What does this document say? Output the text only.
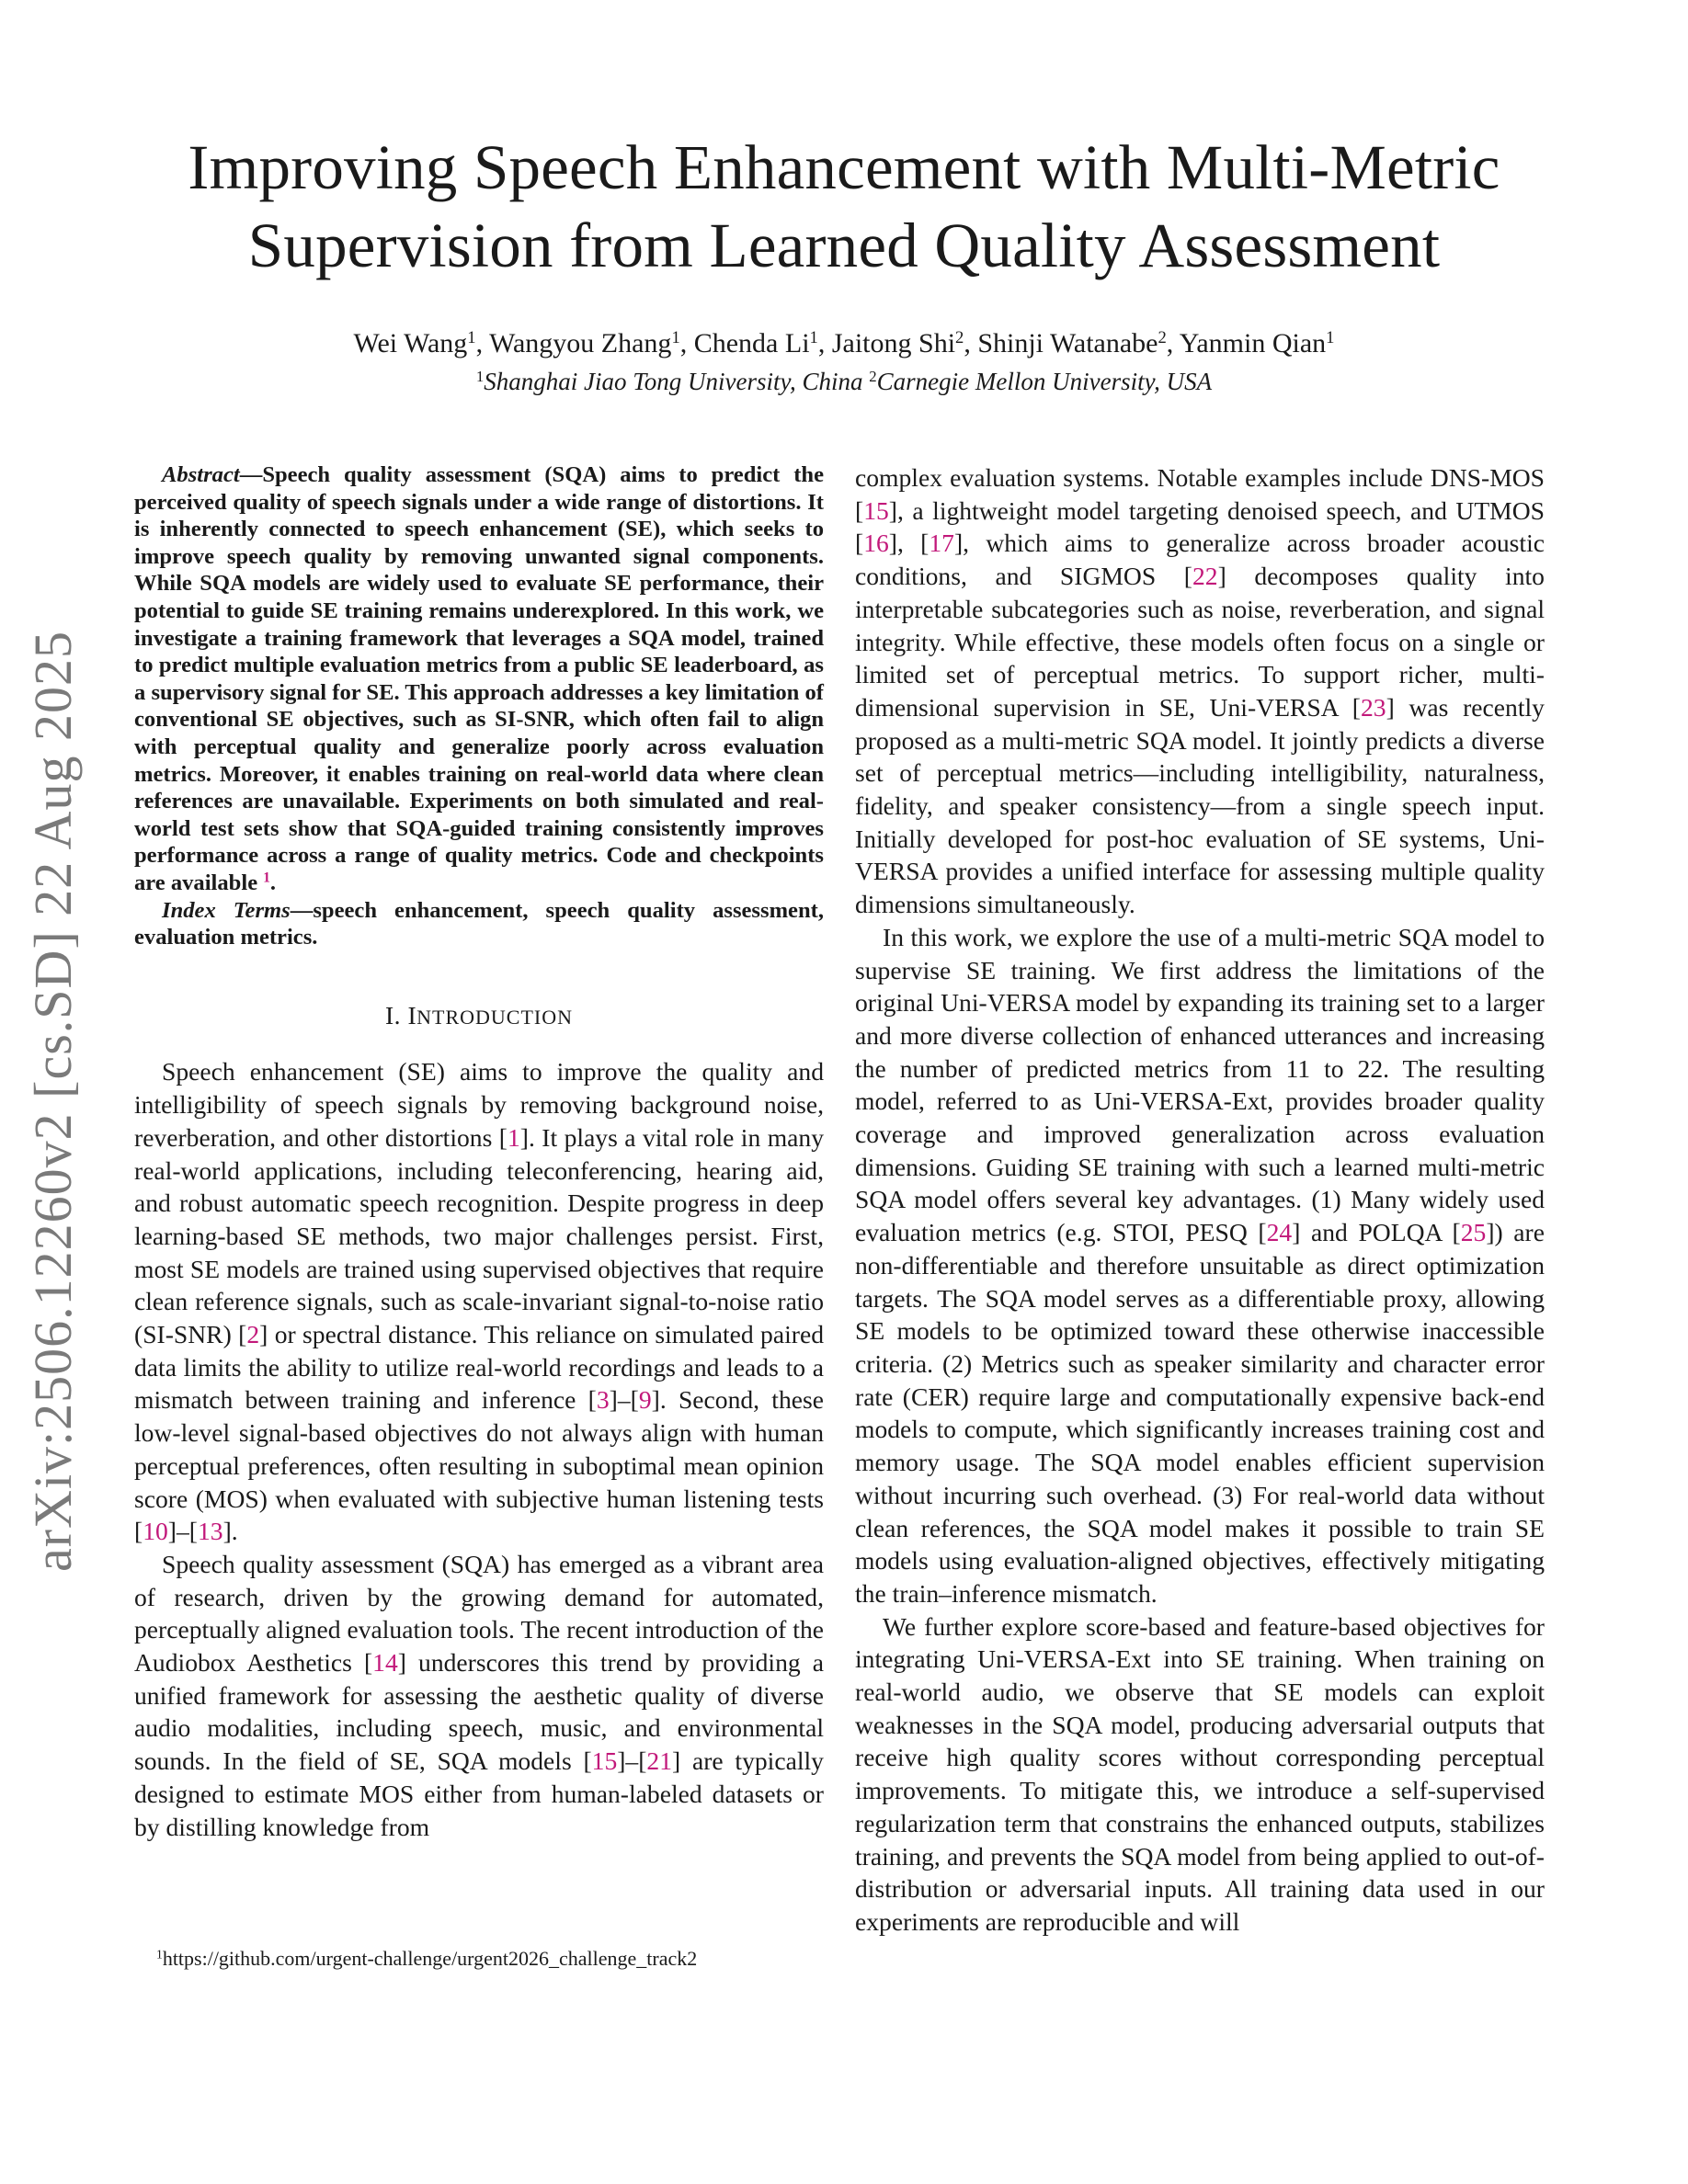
arXiv:2506.12260v2 [cs.SD] 22 Aug 2025
Improving Speech Enhancement with Multi-Metric
Supervision from Learned Quality Assessment
Wei Wang$^1$, Wangyou Zhang$^1$, Chenda Li$^1$, Jaitong Shi$^2$, Shinji Watanabe$^2$, Yanmin Qian$^1$
$^1$Shanghai Jiao Tong University, China $^2$Carnegie Mellon University, USA

Abstract—Speech quality assessment (SQA) aims to predict the perceived quality of speech signals under a wide range of distortions. It is inherently connected to speech enhancement (SE), which seeks to improve speech quality by removing unwanted signal components. While SQA models are widely used to evaluate SE performance, their potential to guide SE training remains underexplored. In this work, we investigate a training framework that leverages a SQA model, trained to predict multiple evaluation metrics from a public SE leaderboard, as a supervisory signal for SE. This approach addresses a key limitation of conventional SE objectives, such as SI-SNR, which often fail to align with perceptual quality and generalize poorly across evaluation metrics. Moreover, it enables training on real-world data where clean references are unavailable. Experiments on both simulated and real-world test sets show that SQA-guided training consistently improves performance across a range of quality metrics. Code and checkpoints are available $^1$.

Index Terms—speech enhancement, speech quality assessment, evaluation metrics.

I. INTRODUCTION

Speech enhancement (SE) aims to improve the quality and intelligibility of speech signals by removing background noise, reverberation, and other distortions [1]. It plays a vital role in many real-world applications, including teleconferencing, hearing aid, and robust automatic speech recognition. Despite progress in deep learning-based SE methods, two major challenges persist. First, most SE models are trained using supervised objectives that require clean reference signals, such as scale-invariant signal-to-noise ratio (SI-SNR) [2] or spectral distance. This reliance on simulated paired data limits the ability to utilize real-world recordings and leads to a mismatch between training and inference [3]–[9]. Second, these low-level signal-based objectives do not always align with human perceptual preferences, often resulting in suboptimal mean opinion score (MOS) when evaluated with subjective human listening tests [10]–[13].

Speech quality assessment (SQA) has emerged as a vibrant area of research, driven by the growing demand for automated, perceptually aligned evaluation tools. The recent introduction of the Audiobox Aesthetics [14] underscores this trend by providing a unified framework for assessing the aesthetic quality of diverse audio modalities, including speech, music, and environmental sounds. In the field of SE, SQA models [15]–[21] are typically designed to estimate MOS either from human-labeled datasets or by distilling knowledge from

complex evaluation systems. Notable examples include DNS-MOS [15], a lightweight model targeting denoised speech, and UTMOS [16], [17], which aims to generalize across broader acoustic conditions, and SIGMOS [22] decomposes quality into interpretable subcategories such as noise, reverberation, and signal integrity. While effective, these models often focus on a single or limited set of perceptual metrics. To support richer, multi-dimensional supervision in SE, Uni-VERSA [23] was recently proposed as a multi-metric SQA model. It jointly predicts a diverse set of perceptual metrics—including intelligibility, naturalness, fidelity, and speaker consistency—from a single speech input. Initially developed for post-hoc evaluation of SE systems, Uni-VERSA provides a unified interface for assessing multiple quality dimensions simultaneously.

In this work, we explore the use of a multi-metric SQA model to supervise SE training. We first address the limitations of the original Uni-VERSA model by expanding its training set to a larger and more diverse collection of enhanced utterances and increasing the number of predicted metrics from 11 to 22. The resulting model, referred to as Uni-VERSA-Ext, provides broader quality coverage and improved generalization across evaluation dimensions. Guiding SE training with such a learned multi-metric SQA model offers several key advantages. (1) Many widely used evaluation metrics (e.g. STOI, PESQ [24] and POLQA [25]) are non-differentiable and therefore unsuitable as direct optimization targets. The SQA model serves as a differentiable proxy, allowing SE models to be optimized toward these otherwise inaccessible criteria. (2) Metrics such as speaker similarity and character error rate (CER) require large and computationally expensive back-end models to compute, which significantly increases training cost and memory usage. The SQA model enables efficient supervision without incurring such overhead. (3) For real-world data without clean references, the SQA model makes it possible to train SE models using evaluation-aligned objectives, effectively mitigating the train–inference mismatch.

We further explore score-based and feature-based objectives for integrating Uni-VERSA-Ext into SE training. When training on real-world audio, we observe that SE models can exploit weaknesses in the SQA model, producing adversarial outputs that receive high quality scores without corresponding perceptual improvements. To mitigate this, we introduce a self-supervised regularization term that constrains the enhanced outputs, stabilizes training, and prevents the SQA model from being applied to out-of-distribution or adversarial inputs. All training data used in our experiments are reproducible and will

$^1$https://github.com/urgent-challenge/urgent2026_challenge_track2
